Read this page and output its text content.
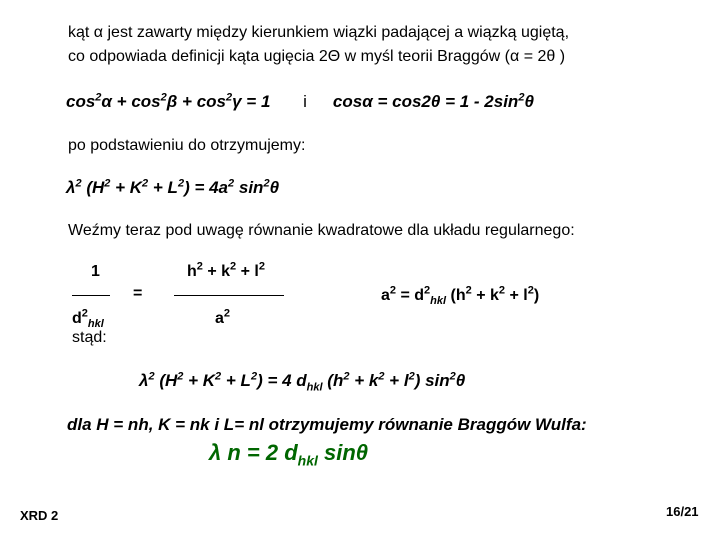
kąt α jest zawarty między kierunkiem wiązki padającej a wiązką ugiętą,
co odpowiada definicji kąta ugięcia 2Θ w myśl teorii Braggów (α = 2θ )
$\cos^2\alpha + \cos^2\beta + \cos^2\gamma = 1$ i $\cos\alpha = \cos 2\theta = 1 - 2\sin^2\theta$
po podstawieniu do otrzymujemy:
$\lambda^2$ $(H^2 + K^2 + L^2) = 4a^2$ $\sin^2\theta$
Weźmy teraz pod uwagę równanie kwadratowe dla układu regularnego:
1
$d^2_{hkl}$
stąd:
=
$h^2 + k^2 + l^2$
$a^2$
$a^2 = d^2_{hkl}$ $(h^2 + k^2 + l^2)$
$\lambda^2$ $(H^2 + K^2 + L^2) = 4$ $d_{hkl}$ $(h^2 + k^2 + l^2)$ $\sin^2\theta$
dla H = nh, K = nk i L= nl otrzymujemy równanie Braggów Wulfa:
λ n = 2 $d_{hkl}$ sinθ
XRD 2	16/21
